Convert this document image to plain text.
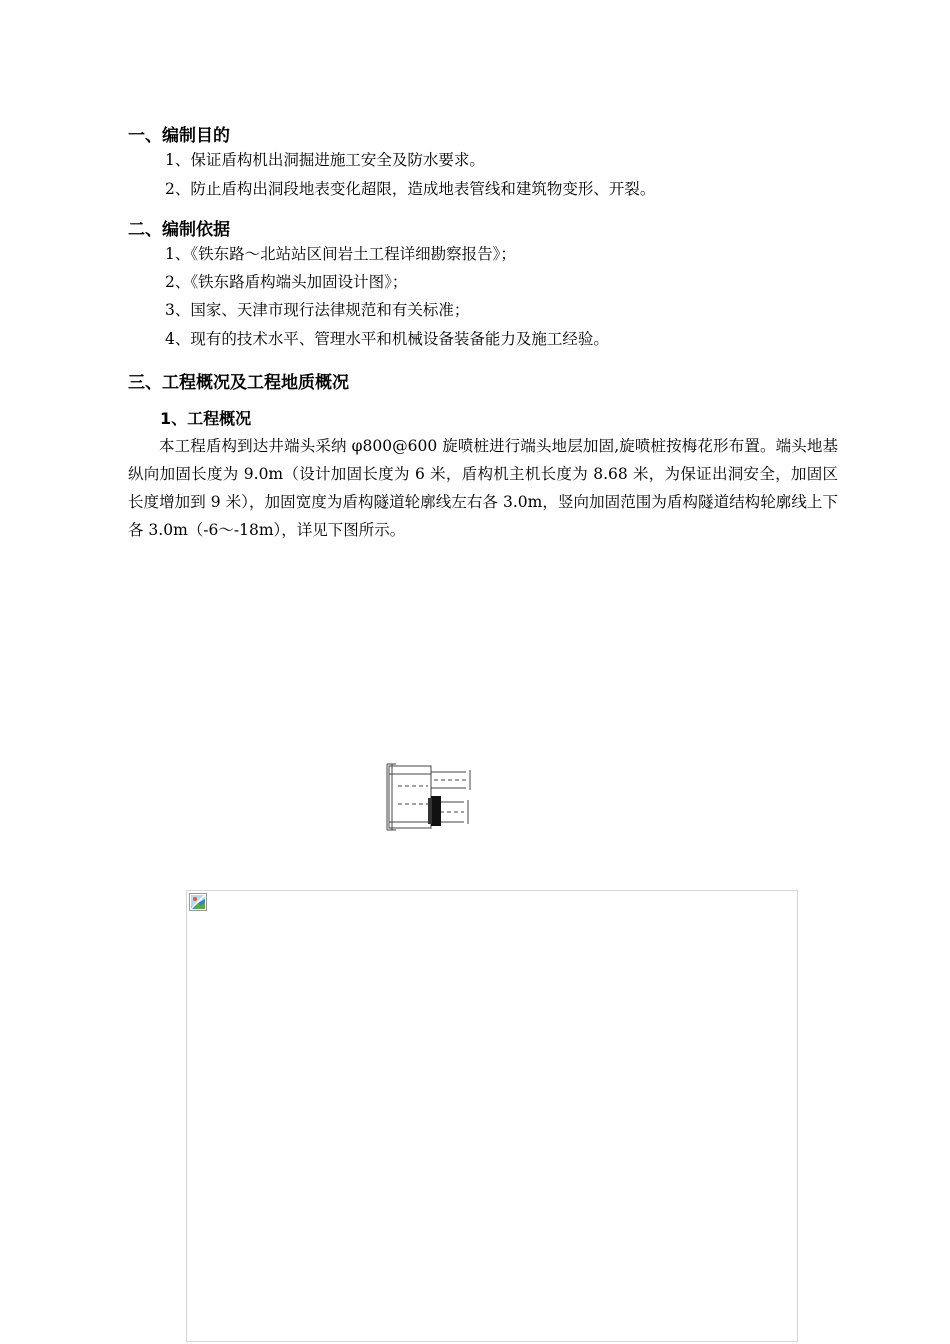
一、编制目的
1、保证盾构机出洞掘进施工安全及防水要求。
2、防止盾构出洞段地表变化超限，造成地表管线和建筑物变形、开裂。
二、编制依据
1、《铁东路～北站站区间岩土工程详细勘察报告》；
2、《铁东路盾构端头加固设计图》；
3、国家、天津市现行法律规范和有关标准；
4、现有的技术水平、管理水平和机械设备装备能力及施工经验。
三、工程概况及工程地质概况
1、工程概况
本工程盾构到达井端头采纳 φ800@600 旋喷桩进行端头地层加固,旋喷桩按梅花形布置。端头地基纵向加固长度为 9.0m（设计加固长度为 6 米，盾构机主机长度为 8.68 米，为保证出洞安全，加固区长度增加到 9 米），加固宽度为盾构隧道轮廓线左右各 3.0m，竖向加固范围为盾构隧道结构轮廓线上下各 3.0m（-6～-18m），详见下图所示。
